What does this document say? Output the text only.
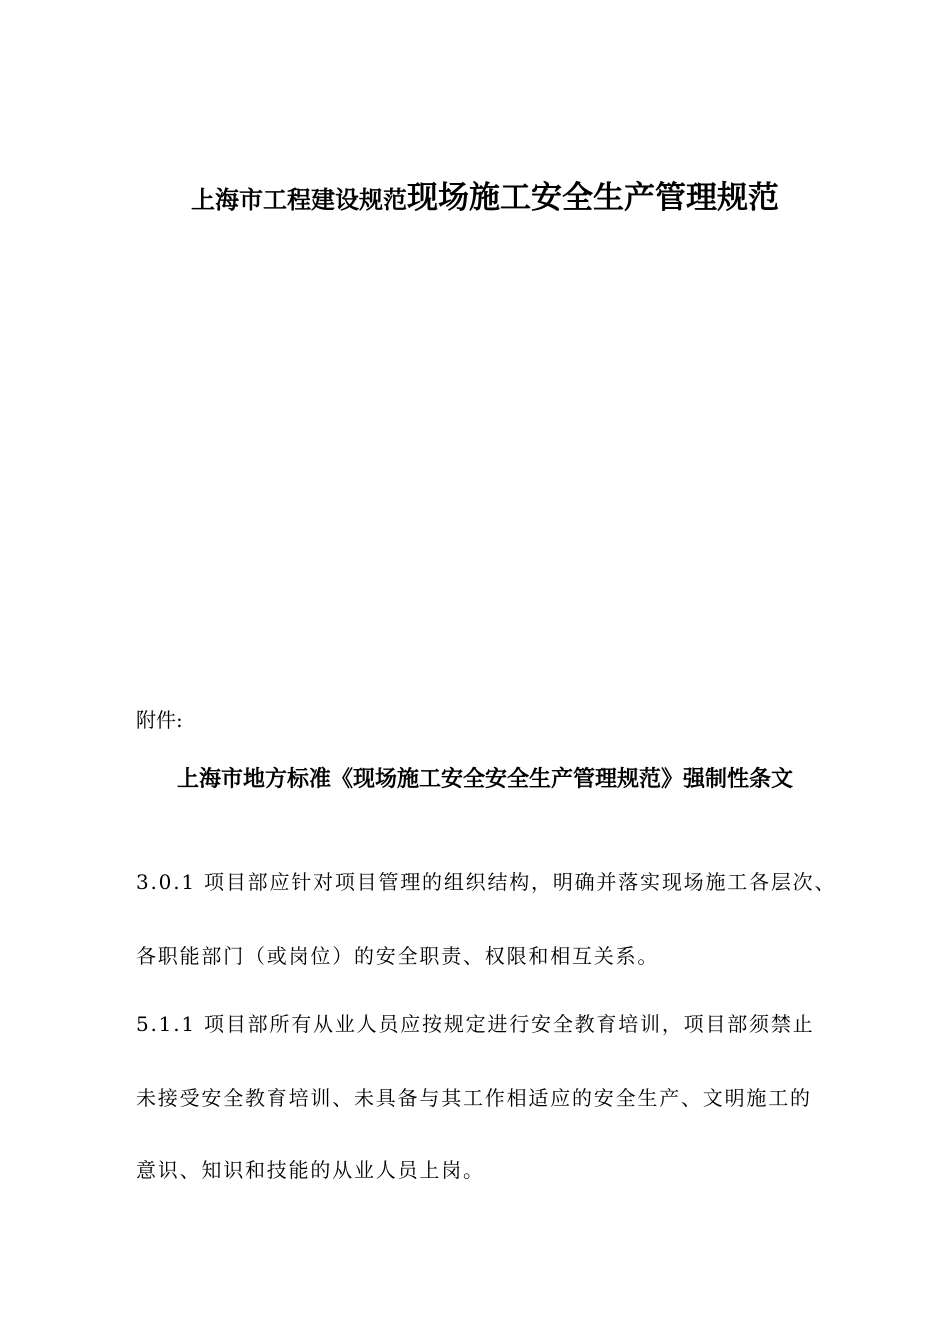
上海市工程建设规范现场施工安全生产管理规范
附件:
上海市地方标准《现场施工安全安全生产管理规范》强制性条文
3.0.1 项目部应针对项目管理的组织结构，明确并落实现场施工各层次、
各职能部门（或岗位）的安全职责、权限和相互关系。
5.1.1 项目部所有从业人员应按规定进行安全教育培训，项目部须禁止
未接受安全教育培训、未具备与其工作相适应的安全生产、文明施工的
意识、知识和技能的从业人员上岗。
